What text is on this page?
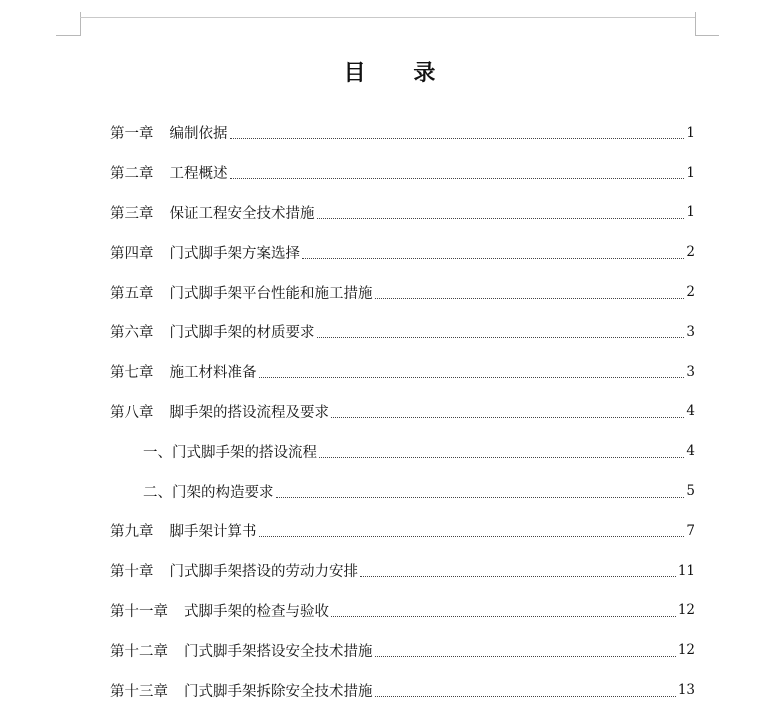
目 录
第一章 编制依据	1
第二章 工程概述	1
第三章 保证工程安全技术措施	1
第四章 门式脚手架方案选择	2
第五章 门式脚手架平台性能和施工措施	2
第六章 门式脚手架的材质要求	3
第七章 施工材料准备	3
第八章 脚手架的搭设流程及要求	4
一、门式脚手架的搭设流程	4
二、门架的构造要求	5
第九章 脚手架计算书	7
第十章 门式脚手架搭设的劳动力安排	11
第十一章 式脚手架的检查与验收	12
第十二章 门式脚手架搭设安全技术措施	12
第十三章 门式脚手架拆除安全技术措施	13
